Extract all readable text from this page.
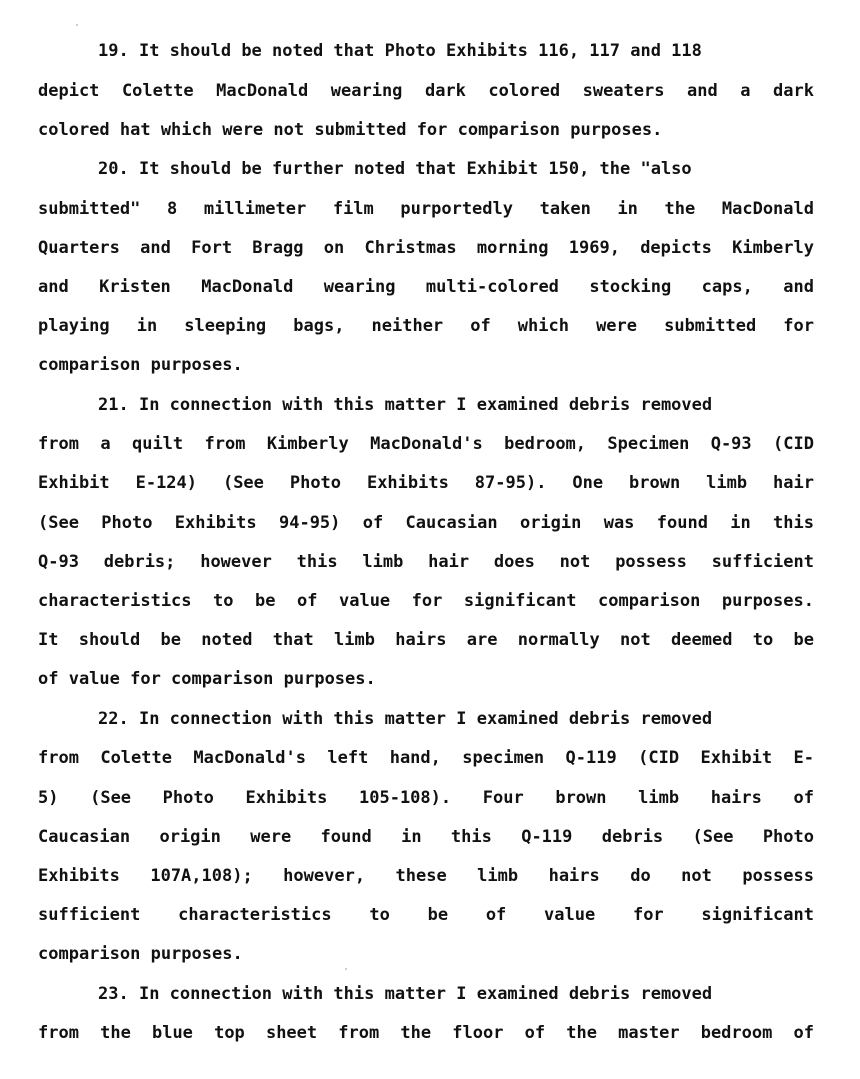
19. It should be noted that Photo Exhibits 116, 117 and 118
depict Colette MacDonald wearing dark colored sweaters and a dark
colored hat which were not submitted for comparison purposes.
20. It should be further noted that Exhibit 150, the "also
submitted" 8 millimeter film purportedly taken in the MacDonald
Quarters and Fort Bragg on Christmas morning 1969, depicts Kimberly
and Kristen MacDonald wearing multi-colored stocking caps, and
playing in sleeping bags, neither of which were submitted for
comparison purposes.
21. In connection with this matter I examined debris removed
from a quilt from Kimberly MacDonald's bedroom, Specimen Q-93 (CID
Exhibit E-124) (See Photo Exhibits 87-95). One brown limb hair
(See Photo Exhibits 94-95) of Caucasian origin was found in this
Q-93 debris; however this limb hair does not possess sufficient
characteristics to be of value for significant comparison purposes.
It should be noted that limb hairs are normally not deemed to be
of value for comparison purposes.
22. In connection with this matter I examined debris removed
from Colette MacDonald's left hand, specimen Q-119 (CID Exhibit E-
5) (See Photo Exhibits 105-108). Four brown limb hairs of
Caucasian origin were found in this Q-119 debris (See Photo
Exhibits 107A,108); however, these limb hairs do not possess
sufficient characteristics to be of value for significant
comparison purposes.
23. In connection with this matter I examined debris removed
from the blue top sheet from the floor of the master bedroom of
